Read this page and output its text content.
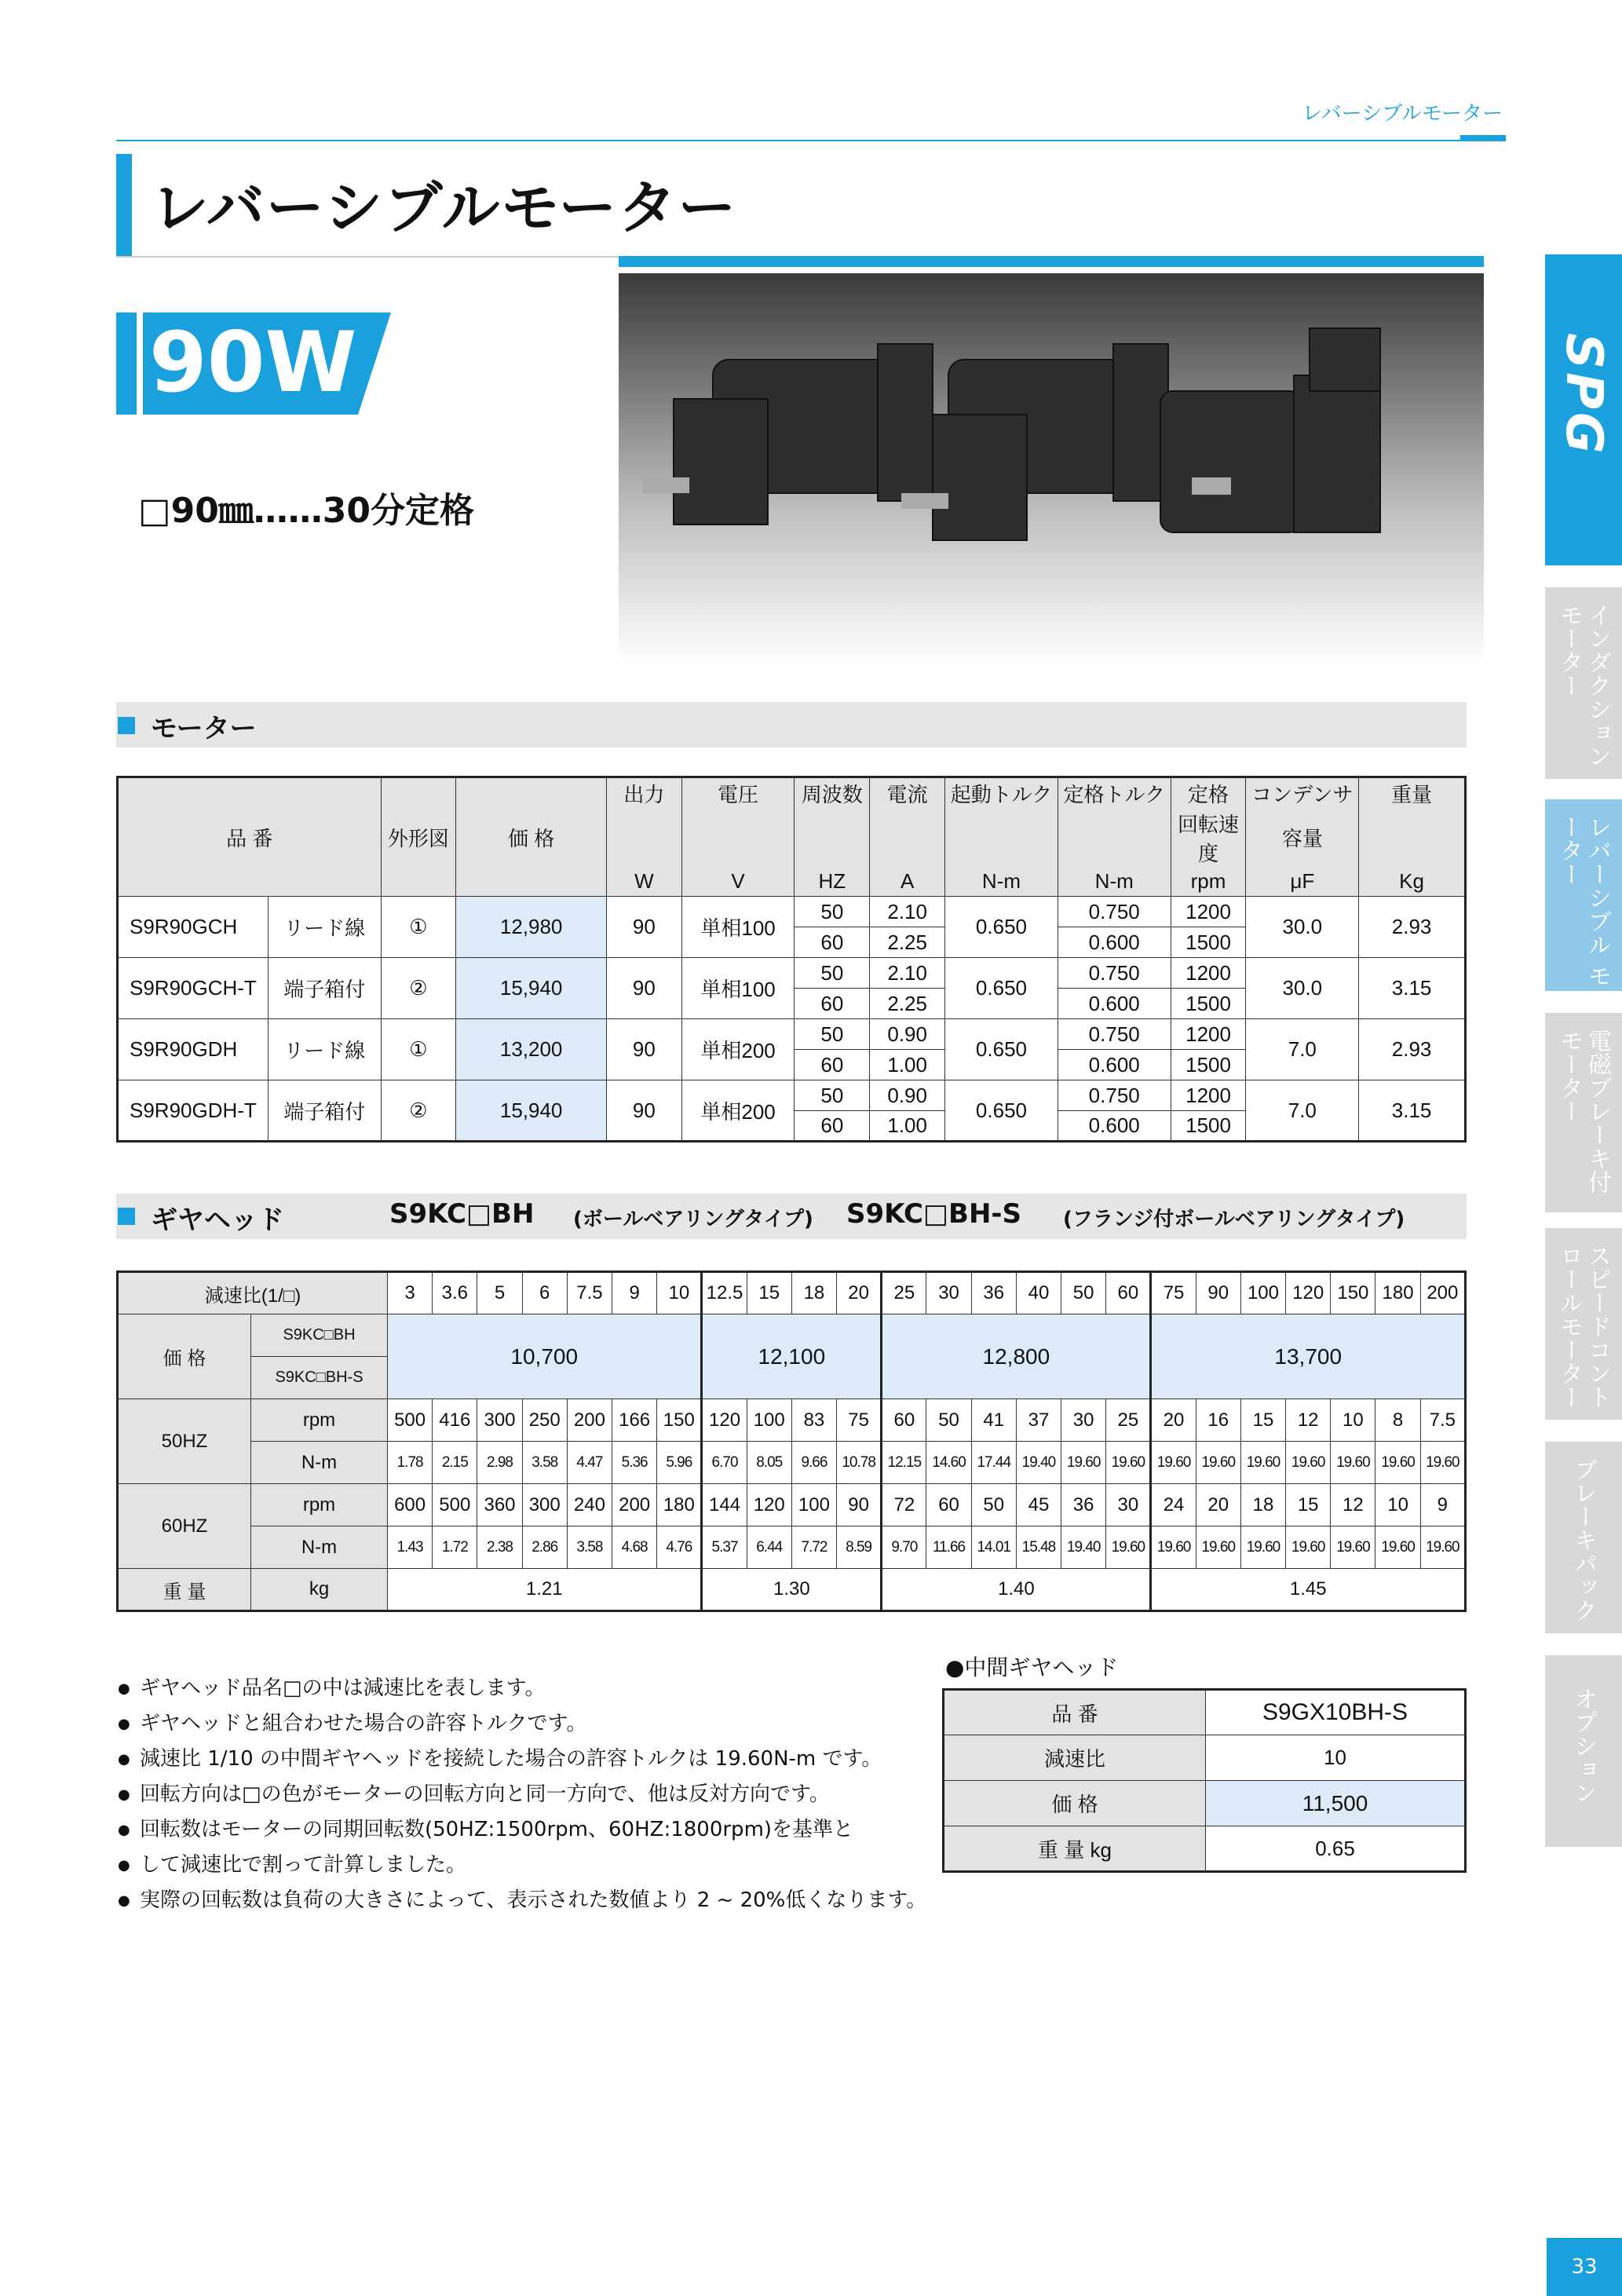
レバーシブルモーター
レバーシブルモーター
90W
□90㎜……30分定格
モーター
品 番		外形図	価 格	出力	電圧	周波数	電流	起動トルク	定格トルク	定格	コンデンサ	重量
										回転速度	容量	
				W	V	HZ	A	N-m	N-m	rpm	μF	Kg
S9R90GCH	リード線	①	12,980	90	単相100	50	2.10	0.650	0.750	1200	30.0	2.93
						60	2.25		0.600	1500		
S9R90GCH-T	端子箱付	②	15,940	90	単相100	50	2.10	0.650	0.750	1200	30.0	3.15
						60	2.25		0.600	1500		
S9R90GDH	リード線	①	13,200	90	単相200	50	0.90	0.650	0.750	1200	7.0	2.93
						60	1.00		0.600	1500		
S9R90GDH-T	端子箱付	②	15,940	90	単相200	50	0.90	0.650	0.750	1200	7.0	3.15
						60	1.00		0.600	1500		
ギヤヘッド	S9KC□BH (ボールベアリングタイプ) S9KC□BH-S (フランジ付ボールベアリングタイプ)
減速比(1/□)		3	3.6	5	6	7.5	9	10	12.5	15	18	20	25	30	36	40	50	60	75	90	100	120	150	180	200
価 格	S9KC□BH	10,700							12,100				12,800						13,700						
	S9KC□BH-S																								
50HZ	rpm	500	416	300	250	200	166	150	120	100	83	75	60	50	41	37	30	25	20	16	15	12	10	8	7.5
	N-m	1.78	2.15	2.98	3.58	4.47	5.36	5.96	6.70	8.05	9.66	10.78	12.15	14.60	17.44	19.40	19.60	19.60	19.60	19.60	19.60	19.60	19.60	19.60	19.60
60HZ	rpm	600	500	360	300	240	200	180	144	120	100	90	72	60	50	45	36	30	24	20	18	15	12	10	9
	N-m	1.43	1.72	2.38	2.86	3.58	4.68	4.76	5.37	6.44	7.72	8.59	9.70	11.66	14.01	15.48	19.40	19.60	19.60	19.60	19.60	19.60	19.60	19.60	19.60
重 量	kg	1.21							1.30				1.40						1.45						
● ギヤヘッド品名□の中は減速比を表します。
● ギヤヘッドと組合わせた場合の許容トルクです。
● 減速比 1/10 の中間ギヤヘッドを接続した場合の許容トルクは 19.60N-m です。
● 回転方向は□の色がモーターの回転方向と同一方向で、他は反対方向です。
● 回転数はモーターの同期回転数(50HZ:1500rpm、60HZ:1800rpm)を基準と
● して減速比で割って計算しました。
● 実際の回転数は負荷の大きさによって、表示された数値より 2 ~ 20%低くなります。
●中間ギヤヘッド
品 番	S9GX10BH-S
減速比	10
価 格	11,500
重 量 kg	0.65
SPG
インダクション モーター
レバーシブル モーター
電磁ブレーキ付 モーター
スピードコント ロールモーター
ブレーキパック
オプション
33
